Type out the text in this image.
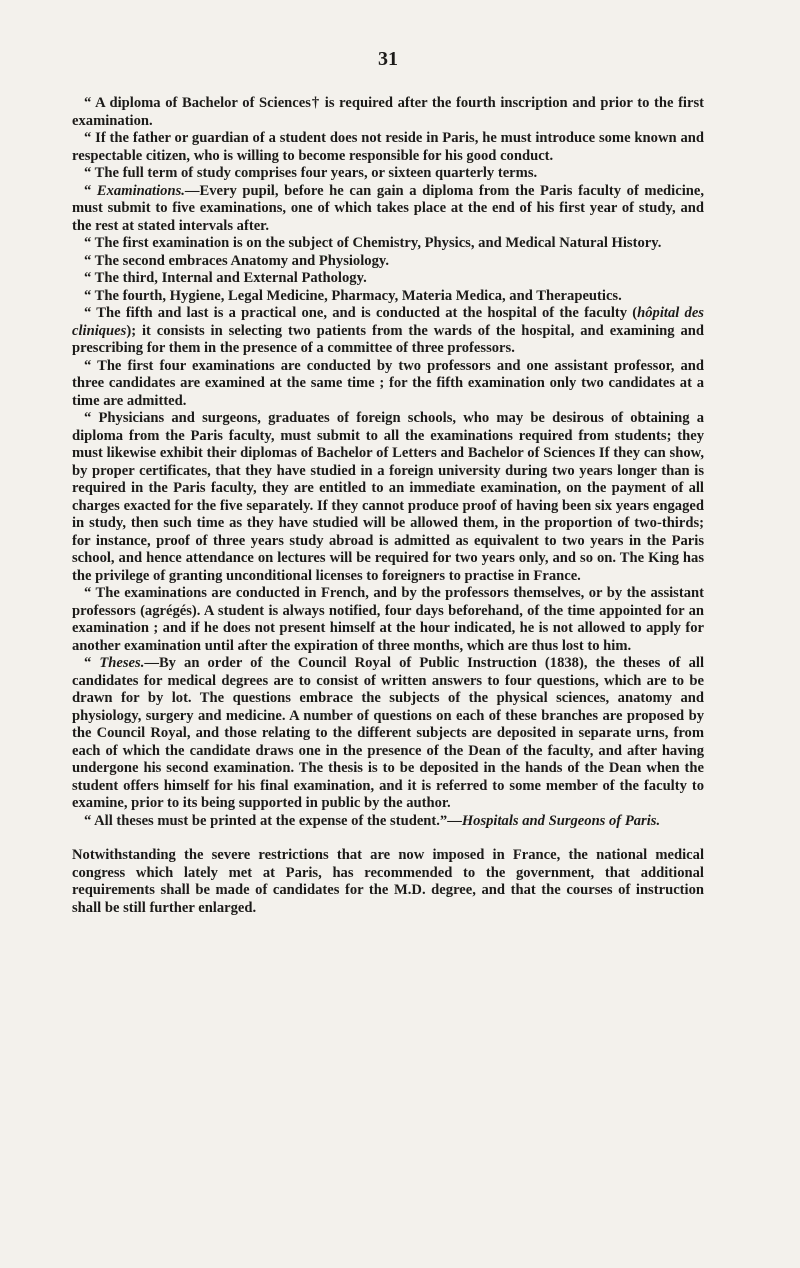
31

“ A diploma of Bachelor of Sciences† is required after the fourth inscription and prior to the first examination.

“ If the father or guardian of a student does not reside in Paris, he must introduce some known and respectable citizen, who is willing to become responsible for his good conduct.

“ The full term of study comprises four years, or sixteen quarterly terms.

“ Examinations.—Every pupil, before he can gain a diploma from the Paris faculty of medicine, must submit to five examinations, one of which takes place at the end of his first year of study, and the rest at stated intervals after.

“ The first examination is on the subject of Chemistry, Physics, and Medical Natural History.

“ The second embraces Anatomy and Physiology.

“ The third, Internal and External Pathology.

“ The fourth, Hygiene, Legal Medicine, Pharmacy, Materia Medica, and Therapeutics.

“ The fifth and last is a practical one, and is conducted at the hospital of the faculty (hôpital des cliniques); it consists in selecting two patients from the wards of the hospital, and examining and prescribing for them in the presence of a committee of three professors.

“ The first four examinations are conducted by two professors and one assistant professor, and three candidates are examined at the same time ; for the fifth examination only two candidates at a time are admitted.

“ Physicians and surgeons, graduates of foreign schools, who may be desirous of obtaining a diploma from the Paris faculty, must submit to all the examinations required from students; they must likewise exhibit their diplomas of Bachelor of Letters and Bachelor of Sciences If they can show, by proper certificates, that they have studied in a foreign university during two years longer than is required in the Paris faculty, they are entitled to an immediate examination, on the payment of all charges exacted for the five separately. If they cannot produce proof of having been six years engaged in study, then such time as they have studied will be allowed them, in the proportion of two-thirds; for instance, proof of three years study abroad is admitted as equivalent to two years in the Paris school, and hence attendance on lectures will be required for two years only, and so on. The King has the privilege of granting unconditional licenses to foreigners to practise in France.

“ The examinations are conducted in French, and by the professors themselves, or by the assistant professors (agrégés). A student is always notified, four days beforehand, of the time appointed for an examination ; and if he does not present himself at the hour indicated, he is not allowed to apply for another examination until after the expiration of three months, which are thus lost to him.

“ Theses.—By an order of the Council Royal of Public Instruction (1838), the theses of all candidates for medical degrees are to consist of written answers to four questions, which are to be drawn for by lot. The questions embrace the subjects of the physical sciences, anatomy and physiology, surgery and medicine. A number of questions on each of these branches are proposed by the Council Royal, and those relating to the different subjects are deposited in separate urns, from each of which the candidate draws one in the presence of the Dean of the faculty, and after having undergone his second examination. The thesis is to be deposited in the hands of the Dean when the student offers himself for his final examination, and it is referred to some member of the faculty to examine, prior to its being supported in public by the author.

“ All theses must be printed at the expense of the student.”—Hospitals and Surgeons of Paris.

Notwithstanding the severe restrictions that are now imposed in France, the national medical congress which lately met at Paris, has recommended to the government, that additional requirements shall be made of candidates for the M.D. degree, and that the courses of instruction shall be still further enlarged.
